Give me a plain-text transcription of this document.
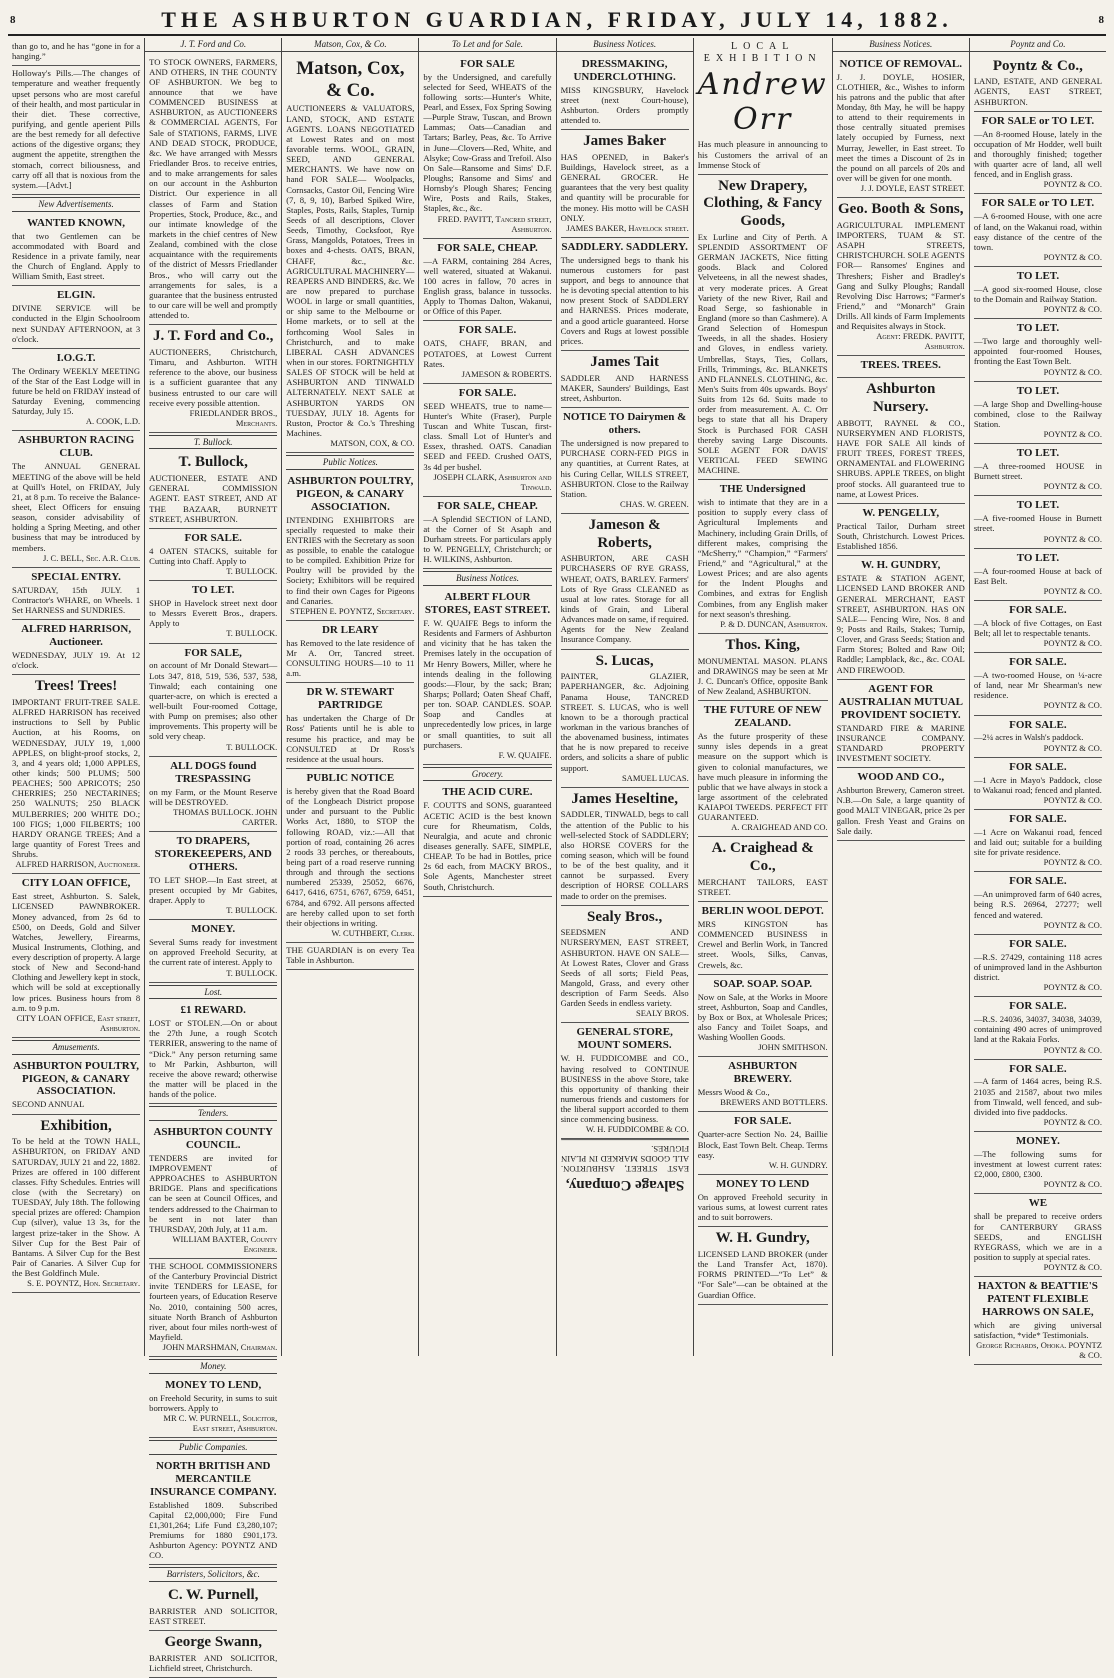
8	THE ASHBURTON GUARDIAN, FRIDAY, JULY 14, 1882.	8
than go to, and he has “gone in for a hanging.”
Holloway's Pills.—The changes of temperature and weather frequently upset persons who are most careful of their health, and most particular in their diet. These corrective, purifying, and gentle aperient Pills are the best remedy for all defective actions of the digestive organs; they augment the appetite, strengthen the stomach, correct biliousness, and carry off all that is noxious from the system.—[Advt.]
New Advertisements.
WANTED KNOWN,
that two Gentlemen can be accommodated with Board and Residence in a private family, near the Church of England. Apply to William Smith, East street.
ELGIN.
DIVINE SERVICE will be conducted in the Elgin Schoolroom next SUNDAY AFTERNOON, at 3 o'clock.
I.O.G.T.
The Ordinary WEEKLY MEETING of the Star of the East Lodge will in future be held on FRIDAY instead of Saturday Evening, commencing Saturday, July 15.
A. COOK, L.D.
ASHBURTON RACING CLUB.
The ANNUAL GENERAL MEETING of the above will be held at Quill's Hotel, on FRIDAY, July 21, at 8 p.m. To receive the Balance-sheet, Elect Officers for ensuing season, consider advisability of holding a Spring Meeting, and other business that may be introduced by members.
J. C. BELL, Sec. A.R. Club.
SPECIAL ENTRY.
SATURDAY, 15th JULY. 1 Contractor's WHARE, on Wheels. 1 Set HARNESS and SUNDRIES.
ALFRED HARRISON, Auctioneer.
WEDNESDAY, JULY 19. At 12 o'clock.
Trees! Trees!
IMPORTANT FRUIT-TREE SALE. ALFRED HARRISON has received instructions to Sell by Public Auction, at his Rooms, on WEDNESDAY, JULY 19, 1,000 APPLES, on blight-proof stocks, 2, 3, and 4 years old; 1,000 APPLES, other kinds; 500 PLUMS; 500 PEACHES; 500 APRICOTS; 250 CHERRIES; 250 NECTARINES; 250 WALNUTS; 250 BLACK MULBERRIES; 200 WHITE DO.; 100 FIGS; 1,000 FILBERTS; 100 HARDY ORANGE TREES; And a large quantity of Forest Trees and Shrubs.
ALFRED HARRISON, Auctioneer.
CITY LOAN OFFICE,
East street, Ashburton. S. Salek, LICENSED PAWNBROKER. Money advanced, from 2s 6d to £500, on Deeds, Gold and Silver Watches, Jewellery, Firearms, Musical Instruments, Clothing, and every description of property. A large stock of New and Second-hand Clothing and Jewellery kept in stock, which will be sold at exceptionally low prices. Business hours from 8 a.m. to 9 p.m.
CITY LOAN OFFICE, East street, Ashburton.
Amusements.
ASHBURTON POULTRY, PIGEON, & CANARY ASSOCIATION.
SECOND ANNUAL
Exhibition,
To be held at the TOWN HALL, ASHBURTON, on FRIDAY AND SATURDAY, JULY 21 and 22, 1882. Prizes are offered in 100 different classes. Fifty Schedules. Entries will close (with the Secretary) on TUESDAY, July 18th. The following special prizes are offered: Champion Cup (silver), value 13 3s, for the largest prize-taker in the Show. A Silver Cup for the Best Pair of Bantams. A Silver Cup for the Best Pair of Canaries. A Silver Cup for the Best Goldfinch Mule.
S. E. POYNTZ, Hon. Secretary.
J. T. Ford and Co.
TO STOCK OWNERS, FARMERS, AND OTHERS, IN THE COUNTY OF ASHBURTON. We beg to announce that we have COMMENCED BUSINESS at ASHBURTON, as AUCTIONEERS & COMMERCIAL AGENTS, For Sale of STATIONS, FARMS, LIVE AND DEAD STOCK, PRODUCE, &c. We have arranged with Messrs Friedlander Bros. to receive entries, and to make arrangements for sales on our account in the Ashburton District. Our experience in all classes of Farm and Station Properties, Stock, Produce, &c., and our intimate knowledge of the markets in the chief centres of New Zealand, combined with the close acquaintance with the requirements of the district of Messrs Friedlander Bros., who will carry out the arrangements for sales, is a guarantee that the business entrusted to our care will be well and promptly attended to.
J. T. Ford and Co.,
AUCTIONEERS, Christchurch, Timaru, and Ashburton. WITH reference to the above, our business is a sufficient guarantee that any business entrusted to our care will receive every possible attention.
FRIEDLANDER BROS., Merchants.
T. Bullock.
T. Bullock,
AUCTIONEER, ESTATE AND GENERAL COMMISSION AGENT. EAST STREET, AND AT THE BAZAAR, BURNETT STREET, ASHBURTON.
FOR SALE.
4 OATEN STACKS, suitable for Cutting into Chaff. Apply to
T. BULLOCK.
TO LET.
SHOP in Havelock street next door to Messrs Everett Bros., drapers. Apply to
T. BULLOCK.
FOR SALE,
on account of Mr Donald Stewart—Lots 347, 818, 519, 536, 537, 538, Tinwald; each containing one quarter-acre, on which is erected a well-built Four-roomed Cottage, with Pump on premises; also other improvements. This property will be sold very cheap.
T. BULLOCK.
ALL DOGS found TRESPASSING
on my Farm, or the Mount Reserve will be DESTROYED.
THOMAS BULLOCK. JOHN CARTER.
TO DRAPERS, STOREKEEPERS, AND OTHERS.
TO LET SHOP.—In East street, at present occupied by Mr Gabites, draper. Apply to
T. BULLOCK.
MONEY.
Several Sums ready for investment on approved Freehold Security, at the current rate of interest. Apply to
T. BULLOCK.
Lost.
£1 REWARD.
LOST or STOLEN.—On or about the 27th June, a rough Scotch TERRIER, answering to the name of “Dick.” Any person returning same to Mr Parkin, Ashburton, will receive the above reward; otherwise the matter will be placed in the hands of the police.
Tenders.
ASHBURTON COUNTY COUNCIL.
TENDERS are invited for IMPROVEMENT of APPROACHES to ASHBURTON BRIDGE. Plans and specifications can be seen at Council Offices, and tenders addressed to the Chairman to be sent in not later than THURSDAY, 20th July, at 11 a.m.
WILLIAM BAXTER, County Engineer.
THE SCHOOL COMMISSIONERS of the Canterbury Provincial District invite TENDERS for LEASE, for fourteen years, of Education Reserve No. 2010, containing 500 acres, situate North Branch of Ashburton river, about four miles north-west of Mayfield.
JOHN MARSHMAN, Chairman.
Money.
MONEY TO LEND,
on Freehold Security, in sums to suit borrowers. Apply to
MR C. W. PURNELL, Solicitor, East street, Ashburton.
Public Companies.
NORTH BRITISH AND MERCANTILE INSURANCE COMPANY.
Established 1809. Subscribed Capital £2,000,000; Fire Fund £1,301,264; Life Fund £3,280,107; Premiums for 1880 £901,173. Ashburton Agency: POYNTZ AND CO.
Barristers, Solicitors, &c.
C. W. Purnell,
BARRISTER AND SOLICITOR, EAST STREET.
George Swann,
BARRISTER AND SOLICITOR, Lichfield street, Christchurch.
Matson, Cox, & Co.
Matson, Cox, & Co.
AUCTIONEERS & VALUATORS, LAND, STOCK, AND ESTATE AGENTS. LOANS NEGOTIATED at Lowest Rates and on most favorable terms. WOOL, GRAIN, SEED, AND GENERAL MERCHANTS. We have now on hand FOR SALE— Woolpacks, Cornsacks, Castor Oil, Fencing Wire (7, 8, 9, 10), Barbed Spiked Wire, Staples, Posts, Rails, Staples, Turnip Seeds of all descriptions, Clover Seeds, Timothy, Cocksfoot, Rye Grass, Mangolds, Potatoes, Trees in boxes and 4-chests. OATS, BRAN, CHAFF, &c., &c. AGRICULTURAL MACHINERY—REAPERS AND BINDERS, &c. We are now prepared to purchase WOOL in large or small quantities, or ship same to the Melbourne or Home markets, or to sell at the forthcoming Wool Sales in Christchurch, and to make LIBERAL CASH ADVANCES when in our stores. FORTNIGHTLY SALES OF STOCK will be held at ASHBURTON AND TINWALD ALTERNATELY. NEXT SALE at ASHBURTON YARDS ON TUESDAY, JULY 18. Agents for Ruston, Proctor & Co.'s Threshing Machines.
MATSON, COX, & CO.
Public Notices.
ASHBURTON POULTRY, PIGEON, & CANARY ASSOCIATION.
INTENDING EXHIBITORS are specially requested to make their ENTRIES with the Secretary as soon as possible, to enable the catalogue to be compiled. Exhibition Prize for Poultry will be provided by the Society; Exhibitors will be required to find their own Cages for Pigeons and Canaries.
STEPHEN E. POYNTZ, Secretary.
DR LEARY
has Removed to the late residence of Mr A. Orr, Tancred street. CONSULTING HOURS—10 to 11 a.m.
DR W. STEWART PARTRIDGE
has undertaken the Charge of Dr Ross' Patients until he is able to resume his practice, and may be CONSULTED at Dr Ross's residence at the usual hours.
PUBLIC NOTICE
is hereby given that the Road Board of the Longbeach District propose under and pursuant to the Public Works Act, 1880, to STOP the following ROAD, viz.:—All that portion of road, containing 26 acres 2 roods 33 perches, or thereabouts, being part of a road reserve running through and through the sections numbered 25339, 25052, 6676, 6417, 6416, 6751, 6767, 6759, 6451, 6784, and 6792. All persons affected are hereby called upon to set forth their objections in writing.
W. CUTHBERT, Clerk.
THE GUARDIAN is on every Tea Table in Ashburton.
To Let and for Sale.
FOR SALE
by the Undersigned, and carefully selected for Seed, WHEATS of the following sorts:—Hunter's White, Pearl, and Essex, Fox Spring Sowing—Purple Straw, Tuscan, and Brown Lammas; Oats—Canadian and Tartars; Barley, Peas, &c. To Arrive in June—Clovers—Red, White, and Alsyke; Cow-Grass and Trefoil. Also On Sale—Ransome and Sims' D.F. Ploughs; Ransome and Sims' and Hornsby's Plough Shares; Fencing Wire, Posts and Rails, Stakes, Staples, &c., &c.
FRED. PAVITT, Tancred street, Ashburton.
FOR SALE, CHEAP.
—A FARM, containing 284 Acres, well watered, situated at Wakanui. 100 acres in fallow, 70 acres in English grass, balance in tussocks. Apply to Thomas Dalton, Wakanui, or Office of this Paper.
FOR SALE.
OATS, CHAFF, BRAN, and POTATOES, at Lowest Current Rates.
JAMESON & ROBERTS.
FOR SALE.
SEED WHEATS, true to name—Hunter's White (Fraser), Purple Tuscan and White Tuscan, first-class. Small Lot of Hunter's and Essex, thrashed. OATS. Canadian SEED and FEED. Crushed OATS, 3s 4d per bushel.
JOSEPH CLARK, Ashburton and Tinwald.
FOR SALE, CHEAP.
—A Splendid SECTION of LAND, at the Corner of St Asaph and Durham streets. For particulars apply to W. PENGELLY, Christchurch; or H. WILKINS, Ashburton.
Business Notices.
ALBERT FLOUR STORES, EAST STREET.
F. W. QUAIFE Begs to inform the Residents and Farmers of Ashburton and vicinity that he has taken the Premises lately in the occupation of Mr Henry Bowers, Miller, where he intends dealing in the following goods:—Flour, by the sack; Bran; Sharps; Pollard; Oaten Sheaf Chaff, per ton. SOAP. CANDLES. SOAP. Soap and Candles at unprecedentedly low prices, in large or small quantities, to suit all purchasers.
F. W. QUAIFE.
Grocery.
THE ACID CURE.
F. COUTTS and SONS, guaranteed ACETIC ACID is the best known cure for Rheumatism, Colds, Neuralgia, and acute and chronic diseases generally. SAFE, SIMPLE, CHEAP. To be had in Bottles, price 2s 6d each, from MACKY BROS., Sole Agents, Manchester street South, Christchurch.
Business Notices.
DRESSMAKING, UNDERCLOTHING.
MISS KINGSBURY, Havelock street (next Court-house), Ashburton. Orders promptly attended to.
James Baker
HAS OPENED, in Baker's Buildings, Havelock street, as a GENERAL GROCER. He guarantees that the very best quality and quantity will be procurable for the money. His motto will be CASH ONLY.
JAMES BAKER, Havelock street.
SADDLERY. SADDLERY.
The undersigned begs to thank his numerous customers for past support, and begs to announce that he is devoting special attention to his now present Stock of SADDLERY and HARNESS. Prices moderate, and a good article guaranteed. Horse Covers and Rugs at lowest possible prices.
James Tait
SADDLER AND HARNESS MAKER, Saunders' Buildings, East street, Ashburton.
NOTICE TO Dairymen & others.
The undersigned is now prepared to PURCHASE CORN-FED PIGS in any quantities, at Current Rates, at his Curing Cellar, WILLS STREET, ASHBURTON. Close to the Railway Station.
CHAS. W. GREEN.
Jameson & Roberts,
ASHBURTON, ARE CASH PURCHASERS OF RYE GRASS, WHEAT, OATS, BARLEY. Farmers' Lots of Rye Grass CLEANED as usual at low rates. Storage for all kinds of Grain, and Liberal Advances made on same, if required. Agents for the New Zealand Insurance Company.
S. Lucas,
PAINTER, GLAZIER, PAPERHANGER, &c. Adjoining Panama House, TANCRED STREET. S. LUCAS, who is well known to be a thorough practical workman in the various branches of the abovenamed business, intimates that he is now prepared to receive orders, and solicits a share of public support.
SAMUEL LUCAS.
James Heseltine,
SADDLER, TINWALD, begs to call the attention of the Public to his well-selected Stock of SADDLERY; also HORSE COVERS for the coming season, which will be found to be of the best quality, and it cannot be surpassed. Every description of HORSE COLLARS made to order on the premises.
Sealy Bros.,
SEEDSMEN AND NURSERYMEN, EAST STREET, ASHBURTON. HAVE ON SALE— At Lowest Rates, Clover and Grass Seeds of all sorts; Field Peas, Mangold, Grass, and every other description of Farm Seeds. Also Garden Seeds in endless variety.
SEALY BROS.
GENERAL STORE, MOUNT SOMERS.
W. H. FUDDICOMBE and CO., having resolved to CONTINUE BUSINESS in the above Store, take this opportunity of thanking their numerous friends and customers for the liberal support accorded to them since commencing business.
W. H. FUDDICOMBE & CO.
Salvage Company,
EAST STREET, ASHBURTON. ALL GOODS MARKED IN PLAIN FIGURES.
LOCAL EXHIBITION
Andrew Orr
Has much pleasure in announcing to his Customers the arrival of an Immense Stock of
New Drapery, Clothing, & Fancy Goods,
Ex Lurline and City of Perth. A SPLENDID ASSORTMENT OF GERMAN JACKETS, Nice fitting goods. Black and Colored Velveteens, in all the newest shades, at very moderate prices. A Great Variety of the new River, Rail and Road Serge, so fashionable in England (more so than Cashmere). A Grand Selection of Homespun Tweeds, in all the shades. Hosiery and Gloves, in endless variety. Umbrellas, Stays, Ties, Collars, Frills, Trimmings, &c. BLANKETS AND FLANNELS. CLOTHING, &c. Men's Suits from 40s upwards. Boys' Suits from 12s 6d. Suits made to order from measurement. A. C. Orr begs to state that all his Drapery Stock is Purchased FOR CASH thereby saving Large Discounts. SOLE AGENT FOR DAVIS' VERTICAL FEED SEWING MACHINE.
THE Undersigned
wish to intimate that they are in a position to supply every class of Agricultural Implements and Machinery, including Grain Drills, of different makes, comprising the “McSherry,” “Champion,” “Farmers' Friend,” and “Agricultural,” at the Lowest Prices; and are also agents for the Indent Ploughs and Combines, and extras for English Combines, from any English maker for next season's threshing.
P. & D. DUNCAN, Ashburton.
Thos. King,
MONUMENTAL MASON. PLANS and DRAWINGS may be seen at Mr J. C. Duncan's Office, opposite Bank of New Zealand, ASHBURTON.
THE FUTURE OF NEW ZEALAND.
As the future prosperity of these sunny isles depends in a great measure on the support which is given to colonial manufactures, we have much pleasure in informing the public that we have always in stock a large assortment of the celebrated KAIAPOI TWEEDS. PERFECT FIT GUARANTEED.
A. CRAIGHEAD AND CO.
A. Craighead & Co.,
MERCHANT TAILORS, EAST STREET.
BERLIN WOOL DEPOT.
MRS KINGSTON has COMMENCED BUSINESS in Crewel and Berlin Work, in Tancred street. Wools, Silks, Canvas, Crewels, &c.
SOAP. SOAP. SOAP.
Now on Sale, at the Works in Moore street, Ashburton, Soap and Candles, by Box or Box, at Wholesale Prices; also Fancy and Toilet Soaps, and Washing Woollen Goods.
JOHN SMITHSON.
ASHBURTON BREWERY.
Messrs Wood & Co.,
BREWERS AND BOTTLERS.
FOR SALE.
Quarter-acre Section No. 24, Baillie Block, East Town Belt. Cheap. Terms easy.
W. H. GUNDRY.
MONEY TO LEND
On approved Freehold security in various sums, at lowest current rates and to suit borrowers.
W. H. Gundry,
LICENSED LAND BROKER (under the Land Transfer Act, 1870). FORMS PRINTED—“To Let” & “For Sale”—can be obtained at the Guardian Office.
Business Notices.
NOTICE OF REMOVAL.
J. J. DOYLE, HOSIER, CLOTHIER, &c., Wishes to inform his patrons and the public that after Monday, 8th May, he will be happy to attend to their requirements in those centrally situated premises lately occupied by Furness, next Murray, Jeweller, in East street. To meet the times a Discount of 2s in the pound on all parcels of 20s and over will be given for one month.
J. J. DOYLE, EAST STREET.
Geo. Booth & Sons,
AGRICULTURAL IMPLEMENT IMPORTERS, TUAM & ST. ASAPH STREETS, CHRISTCHURCH. SOLE AGENTS FOR— Ransomes' Engines and Threshers; Fisher and Bradley's Gang and Sulky Ploughs; Randall Revolving Disc Harrows; “Farmer's Friend,” and “Monarch” Grain Drills. All kinds of Farm Implements and Requisites always in Stock.
Agent: FREDK. PAVITT, Ashburton.
TREES. TREES.
Ashburton Nursery.
ABBOTT, RAYNEL & CO., NURSERYMEN AND FLORISTS, HAVE FOR SALE All kinds of FRUIT TREES, FOREST TREES, ORNAMENTAL and FLOWERING SHRUBS. APPLE TREES, on blight proof stocks. All guaranteed true to name, at Lowest Prices.
W. PENGELLY,
Practical Tailor, Durham street South, Christchurch. Lowest Prices. Established 1856.
W. H. GUNDRY,
ESTATE & STATION AGENT, LICENSED LAND BROKER AND GENERAL MERCHANT, EAST STREET, ASHBURTON. HAS ON SALE— Fencing Wire, Nos. 8 and 9; Posts and Rails, Stakes; Turnip, Clover, and Grass Seeds; Station and Farm Stores; Bolted and Raw Oil; Raddle; Lampblack, &c., &c. COAL AND FIREWOOD.
AGENT FOR AUSTRALIAN MUTUAL PROVIDENT SOCIETY.
STANDARD FIRE & MARINE INSURANCE COMPANY. STANDARD PROPERTY INVESTMENT SOCIETY.
WOOD AND CO.,
Ashburton Brewery, Cameron street. N.B.—On Sale, a large quantity of good MALT VINEGAR, price 2s per gallon. Fresh Yeast and Grains on Sale daily.
Poyntz and Co.
Poyntz & Co.,
LAND, ESTATE, AND GENERAL AGENTS, EAST STREET, ASHBURTON.
FOR SALE or TO LET.
—An 8-roomed House, lately in the occupation of Mr Hodder, well built and thoroughly finished; together with quarter acre of land, all well fenced, and in English grass.
POYNTZ & CO.
FOR SALE or TO LET.
—A 6-roomed House, with one acre of land, on the Wakanui road, within easy distance of the centre of the town.
POYNTZ & CO.
TO LET.
—A good six-roomed House, close to the Domain and Railway Station.
POYNTZ & CO.
TO LET.
—Two large and thoroughly well-appointed four-roomed Houses, fronting the East Town Belt.
POYNTZ & CO.
TO LET.
—A large Shop and Dwelling-house combined, close to the Railway Station.
POYNTZ & CO.
TO LET.
—A three-roomed HOUSE in Burnett street.
POYNTZ & CO.
TO LET.
—A five-roomed House in Burnett street.
POYNTZ & CO.
TO LET.
—A four-roomed House at back of East Belt.
POYNTZ & CO.
FOR SALE.
—A block of five Cottages, on East Belt; all let to respectable tenants.
POYNTZ & CO.
FOR SALE.
—A two-roomed House, on ¼-acre of land, near Mr Shearman's new residence.
POYNTZ & CO.
FOR SALE.
—2¼ acres in Walsh's paddock.
POYNTZ & CO.
FOR SALE.
—1 Acre in Mayo's Paddock, close to Wakanui road; fenced and planted.
POYNTZ & CO.
FOR SALE.
—1 Acre on Wakanui road, fenced and laid out; suitable for a building site for private residence.
POYNTZ & CO.
FOR SALE.
—An unimproved farm of 640 acres, being R.S. 26964, 27277; well fenced and watered.
POYNTZ & CO.
FOR SALE.
—R.S. 27429, containing 118 acres of unimproved land in the Ashburton district.
POYNTZ & CO.
FOR SALE.
—R.S. 24036, 34037, 34038, 34039, containing 490 acres of unimproved land at the Rakaia Forks.
POYNTZ & CO.
FOR SALE.
—A farm of 1464 acres, being R.S. 21035 and 21587, about two miles from Tinwald, well fenced, and sub-divided into five paddocks.
POYNTZ & CO.
MONEY.
—The following sums for investment at lowest current rates: £2,000, £800, £300.
POYNTZ & CO.
WE
shall be prepared to receive orders for CANTERBURY GRASS SEEDS, and ENGLISH RYEGRASS, which we are in a position to supply at special rates.
POYNTZ & CO.
HAXTON & BEATTIE'S PATENT FLEXIBLE HARROWS ON SALE,
which are giving universal satisfaction, *vide* Testimonials.
George Richards, Ohoka. POYNTZ & CO.
